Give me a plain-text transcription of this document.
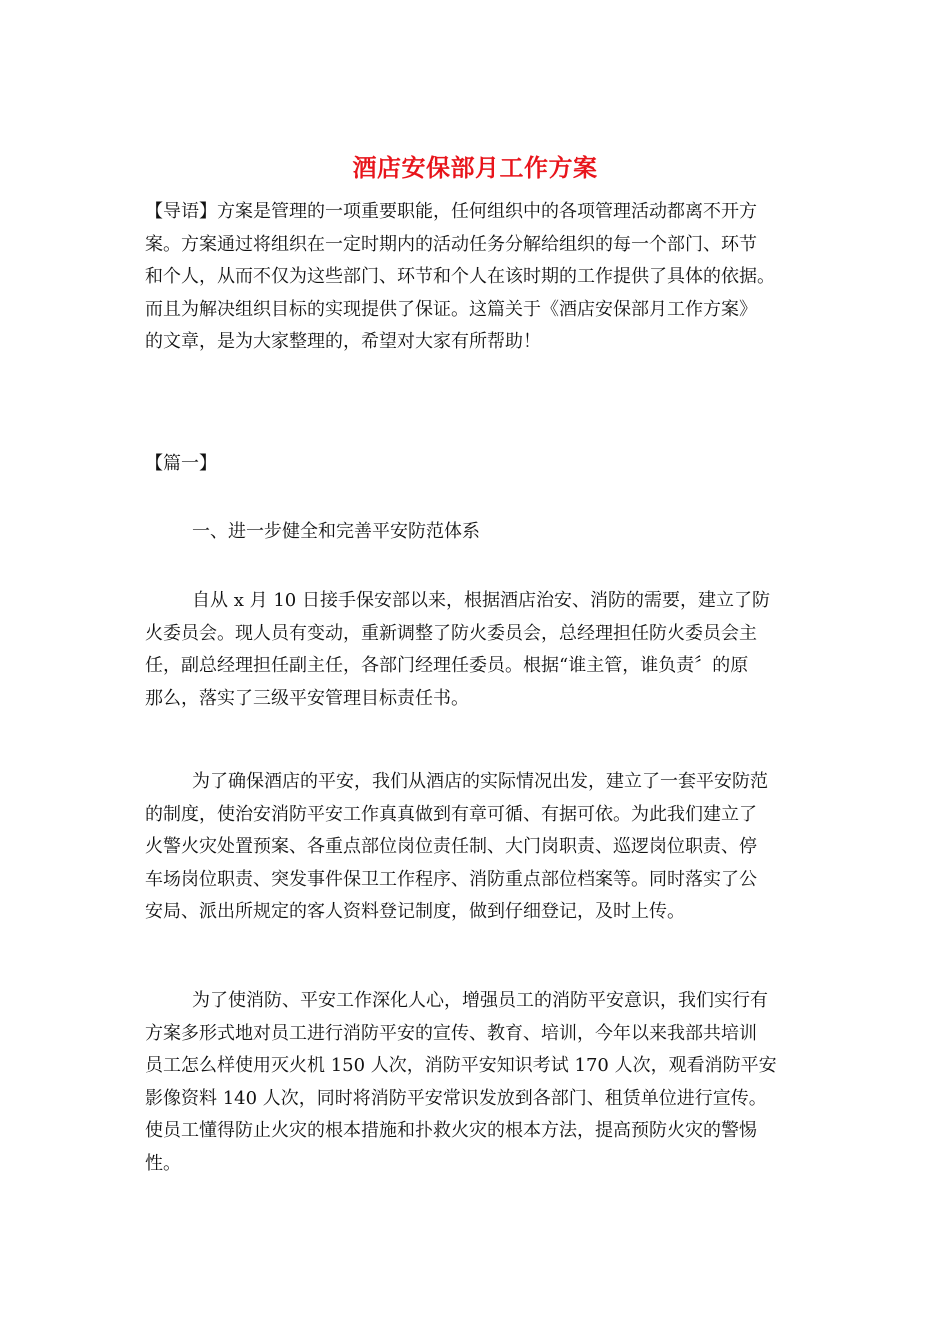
酒店安保部月工作方案
【导语】方案是管理的一项重要职能，任何组织中的各项管理活动都离不开方
案。方案通过将组织在一定时期内的活动任务分解给组织的每一个部门、环节
和个人，从而不仅为这些部门、环节和个人在该时期的工作提供了具体的依据。
而且为解决组织目标的实现提供了保证。这篇关于《酒店安保部月工作方案》
的文章，是为大家整理的，希望对大家有所帮助！
【篇一】
一、进一步健全和完善平安防范体系
自从 x 月 10 日接手保安部以来，根据酒店治安、消防的需要，建立了防
火委员会。现人员有变动，重新调整了防火委员会，总经理担任防火委员会主
任，副总经理担任副主任，各部门经理任委员。根据“谁主管，谁负责〞的原
那么，落实了三级平安管理目标责任书。
为了确保酒店的平安，我们从酒店的实际情况出发，建立了一套平安防范
的制度，使治安消防平安工作真真做到有章可循、有据可依。为此我们建立了
火警火灾处置预案、各重点部位岗位责任制、大门岗职责、巡逻岗位职责、停
车场岗位职责、突发事件保卫工作程序、消防重点部位档案等。同时落实了公
安局、派出所规定的客人资料登记制度，做到仔细登记，及时上传。
为了使消防、平安工作深化人心，增强员工的消防平安意识，我们实行有
方案多形式地对员工进行消防平安的宣传、教育、培训，今年以来我部共培训
员工怎么样使用灭火机 150 人次，消防平安知识考试 170 人次，观看消防平安
影像资料 140 人次，同时将消防平安常识发放到各部门、租赁单位进行宣传。
使员工懂得防止火灾的根本措施和扑救火灾的根本方法，提高预防火灾的警惕
性。
